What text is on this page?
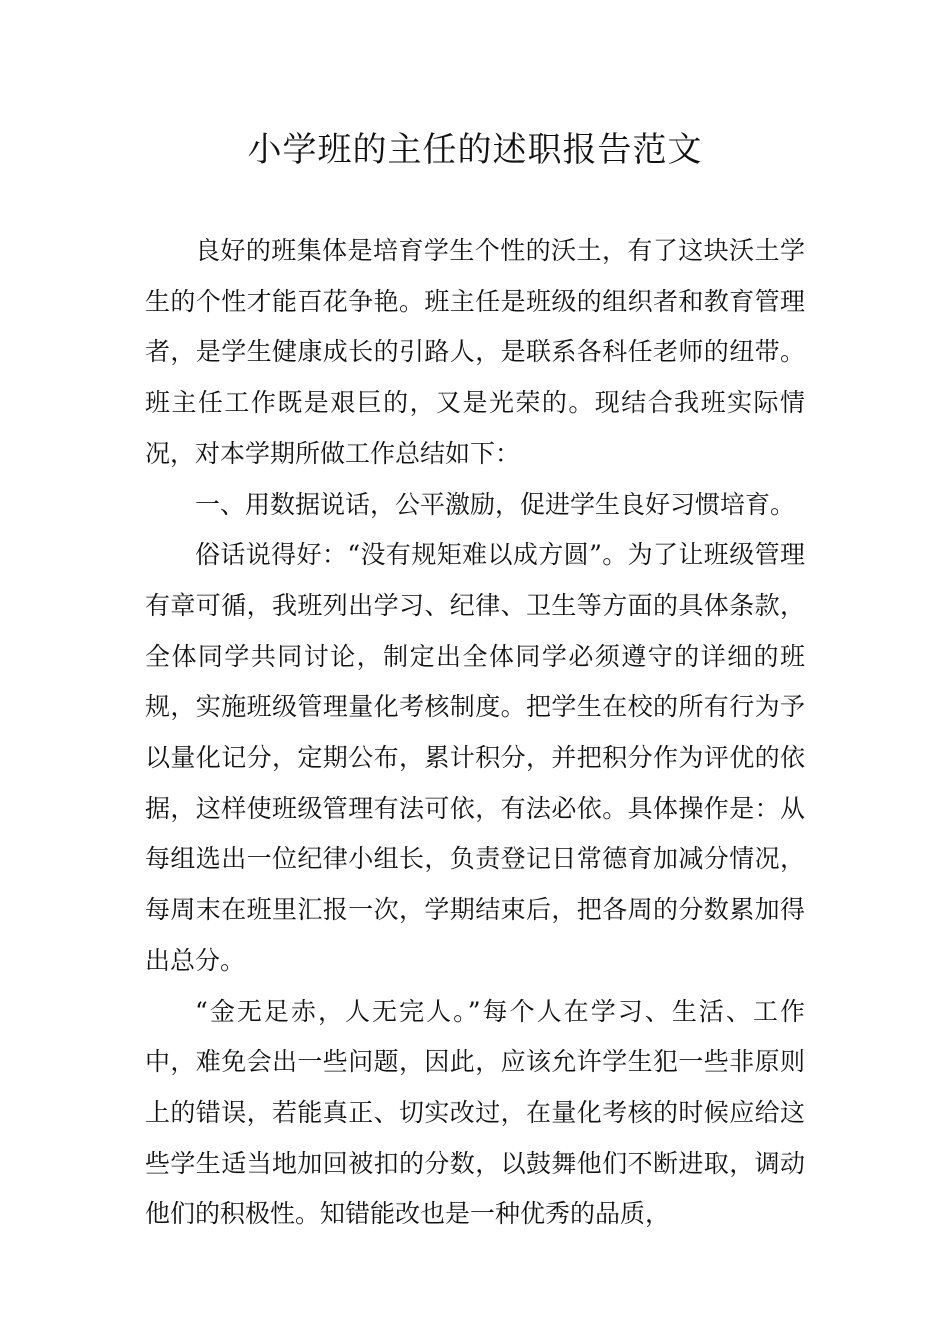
小学班的主任的述职报告范文

良好的班集体是培育学生个性的沃土，有了这块沃土学生的个性才能百花争艳。班主任是班级的组织者和教育管理者，是学生健康成长的引路人，是联系各科任老师的纽带。班主任工作既是艰巨的，又是光荣的。现结合我班实际情况，对本学期所做工作总结如下：

一、用数据说话，公平激励，促进学生良好习惯培育。

俗话说得好：“没有规矩难以成方圆”。为了让班级管理有章可循，我班列出学习、纪律、卫生等方面的具体条款，全体同学共同讨论，制定出全体同学必须遵守的详细的班规，实施班级管理量化考核制度。把学生在校的所有行为予以量化记分，定期公布，累计积分，并把积分作为评优的依据，这样使班级管理有法可依，有法必依。具体操作是：从每组选出一位纪律小组长，负责登记日常德育加减分情况，每周末在班里汇报一次，学期结束后，把各周的分数累加得出总分。

“金无足赤，人无完人。”每个人在学习、生活、工作中，难免会出一些问题，因此，应该允许学生犯一些非原则上的错误，若能真正、切实改过，在量化考核的时候应给这些学生适当地加回被扣的分数，以鼓舞他们不断进取，调动他们的积极性。知错能改也是一种优秀的品质，
